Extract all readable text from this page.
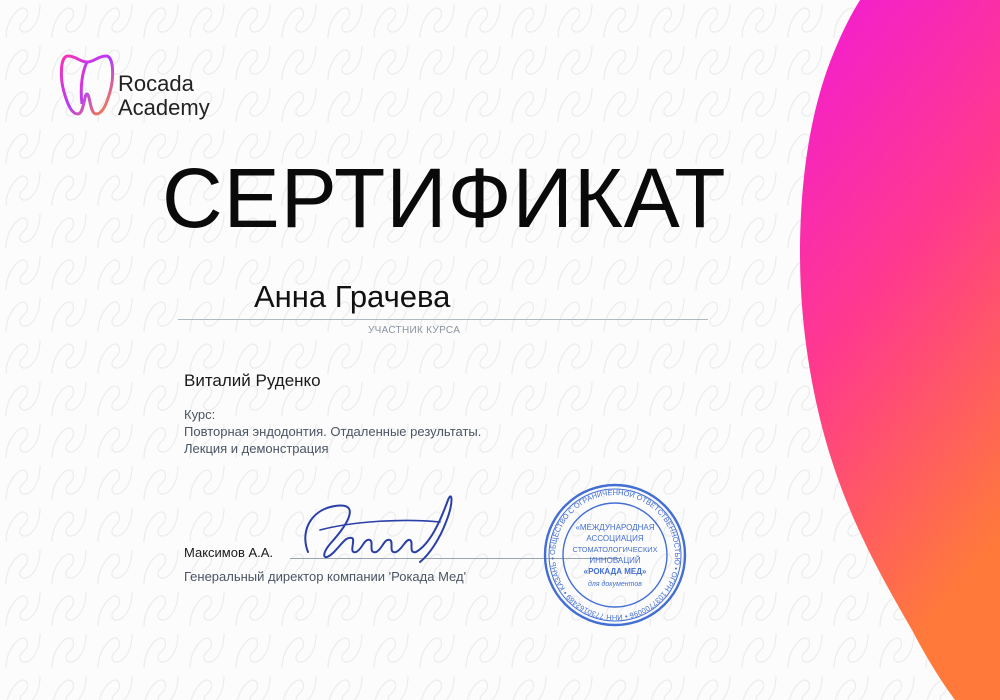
Rocada
Academy
СЕРТИФИКАТ
Анна Грачева
УЧАСТНИК КУРСА
Виталий Руденко
Курс:
Повторная эндодонтия. Отдаленные результаты.
Лекция и демонстрация
Максимов А.А.
Генеральный директор компании 'Рокада Мед'
ОБЩЕСТВО С ОГРАНИЧЕННОЙ ОТВЕТСТВЕННОСТЬЮ • ОГРН 1037700096 • ИНН 7730162489 • КАЗАНЬ •
«МЕЖДУНАРОДНАЯ
АССОЦИАЦИЯ
СТОМАТОЛОГИЧЕСКИХ
ИННОВАЦИЙ
«РОКАДА МЕД»
для документов
